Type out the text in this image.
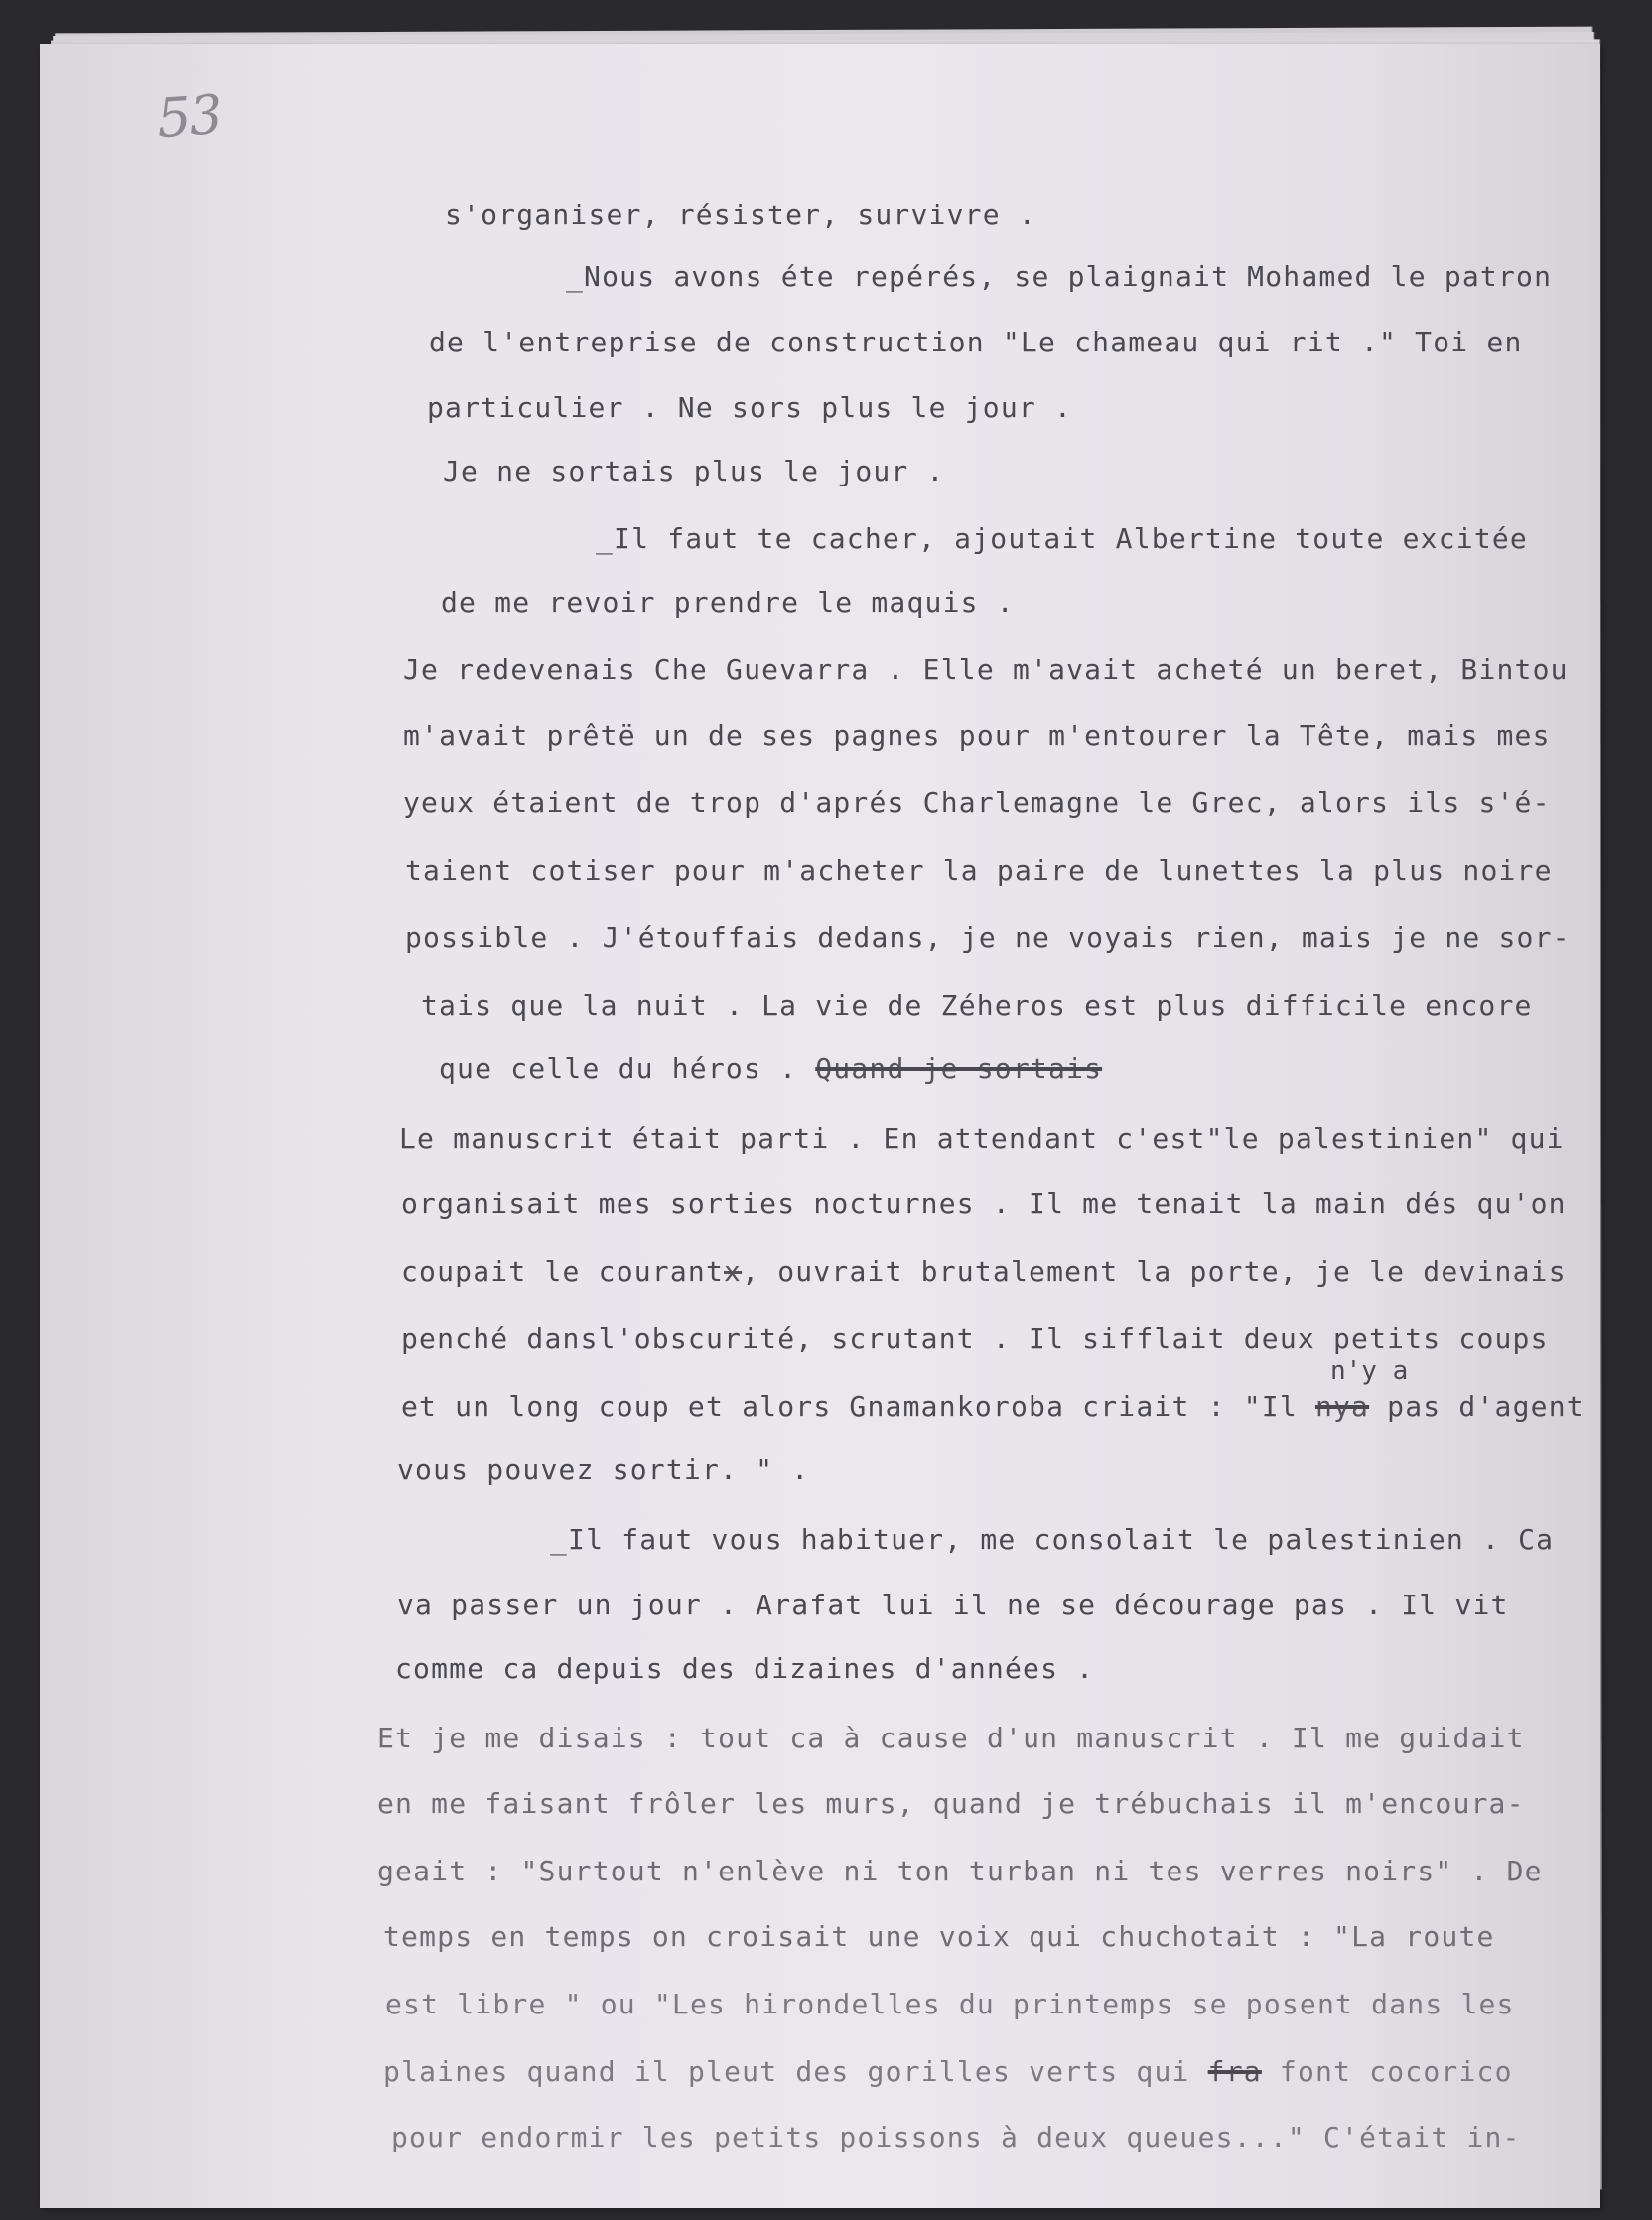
53
s'organiser, résister, survivre .
_Nous avons éte repérés, se plaignait Mohamed le patron
de l'entreprise de construction "Le chameau qui rit ." Toi en
particulier . Ne sors plus le jour .
Je ne sortais plus le jour .
_Il faut te cacher, ajoutait Albertine toute excitée
de me revoir prendre le maquis .
Je redevenais Che Guevarra . Elle m'avait acheté un beret, Bintou
m'avait prêtë un de ses pagnes pour m'entourer la Tête, mais mes
yeux étaient de trop d'aprés Charlemagne le Grec, alors ils s'é-
taient cotiser pour m'acheter la paire de lunettes la plus noire
possible . J'étouffais dedans, je ne voyais rien, mais je ne sor-
tais que la nuit . La vie de Zéheros est plus difficile encore
que celle du héros . Quand je sortais
Le manuscrit était parti . En attendant c'est"le palestinien" qui
organisait mes sorties nocturnes . Il me tenait la main dés qu'on
coupait le courantx, ouvrait brutalement la porte, je le devinais
penché dansl'obscurité, scrutant . Il sifflait deux petits coups
n'y a
et un long coup et alors Gnamankoroba criait : "Il nya pas d'agent
vous pouvez sortir. " .
_Il faut vous habituer, me consolait le palestinien . Ca
va passer un jour . Arafat lui il ne se décourage pas . Il vit
comme ca depuis des dizaines d'années .
Et je me disais : tout ca à cause d'un manuscrit . Il me guidait
en me faisant frôler les murs, quand je trébuchais il m'encoura-
geait : "Surtout n'enlève ni ton turban ni tes verres noirs" . De
temps en temps on croisait une voix qui chuchotait : "La route
est libre " ou "Les hirondelles du printemps se posent dans les
plaines quand il pleut des gorilles verts qui fra font cocorico
pour endormir les petits poissons à deux queues..." C'était in-
